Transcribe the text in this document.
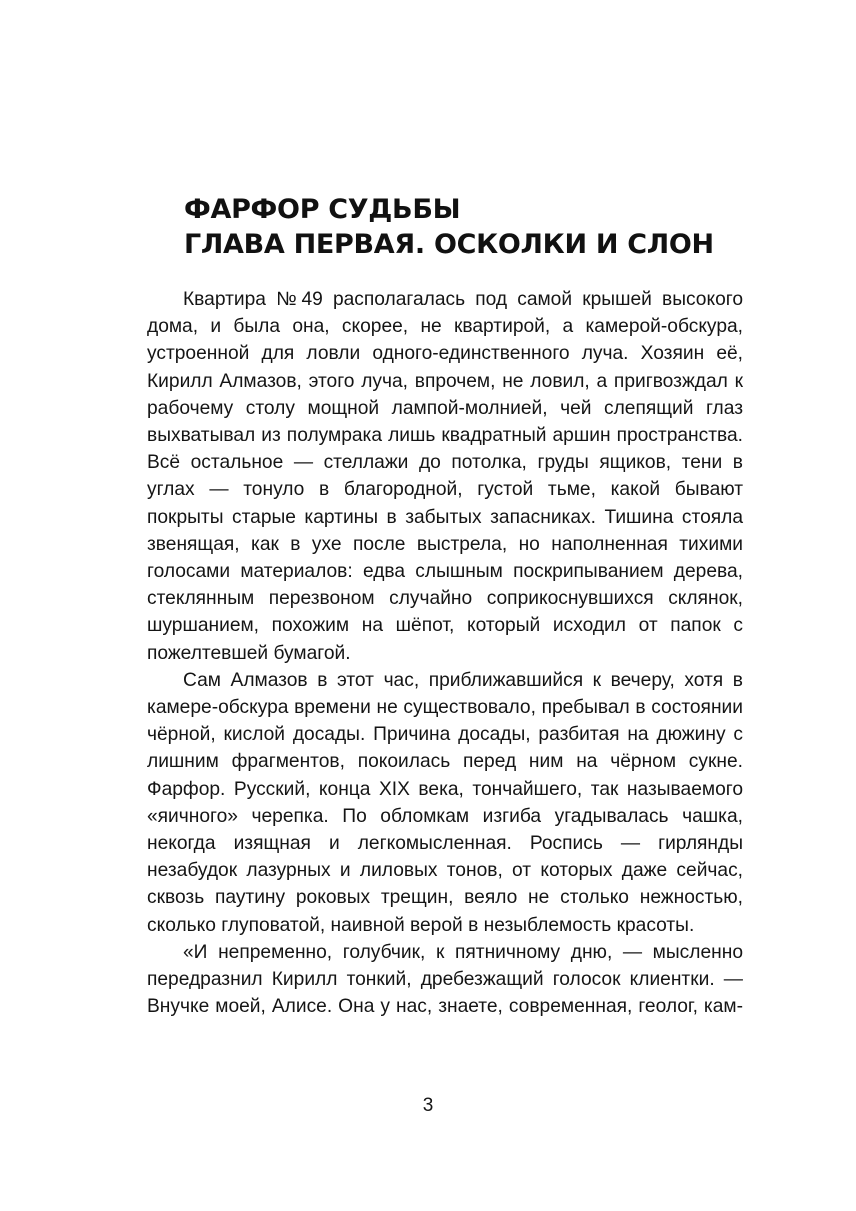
ФАРФОР СУДЬБЫ
ГЛАВА ПЕРВАЯ. ОСКОЛКИ И СЛОН

Квартира №49 располагалась под самой крышей высокого дома, и была она, скорее, не квартирой, а камерой-обскура, устроенной для ловли одного-единственного луча. Хозяин её, Кирилл Алмазов, этого луча, впрочем, не ловил, а пригвозждал к рабочему столу мощной лампой-молнией, чей слепящий глаз выхватывал из полумрака лишь квадратный аршин пространства. Всё остальное — стеллажи до потолка, груды ящиков, тени в углах — тонуло в благородной, густой тьме, какой бывают покрыты старые картины в забытых запасниках. Тишина стояла звенящая, как в ухе после выстрела, но наполненная тихими голосами материалов: едва слышным поскрипыванием дерева, стеклянным перезвоном случайно соприкоснувшихся склянок, шуршанием, похожим на шёпот, который исходил от папок с пожелтевшей бумагой.

Сам Алмазов в этот час, приближавшийся к вечеру, хотя в камере-обскура времени не существовало, пребывал в состоянии чёрной, кислой досады. Причина досады, разбитая на дюжину с лишним фрагментов, покоилась перед ним на чёрном сукне. Фарфор. Русский, конца XIX века, тончайшего, так называемого «яичного» черепка. По обломкам изгиба угадывалась чашка, некогда изящная и легкомысленная. Роспись — гирлянды незабудок лазурных и лиловых тонов, от которых даже сейчас, сквозь паутину роковых трещин, веяло не столько нежностью, сколько глуповатой, наивной верой в незыблемость красоты.

«И непременно, голубчик, к пятничному дню, — мысленно передразнил Кирилл тонкий, дребезжащий голосок клиентки. — Внучке моей, Алисе. Она у нас, знаете, современная, геолог, кам-

3
